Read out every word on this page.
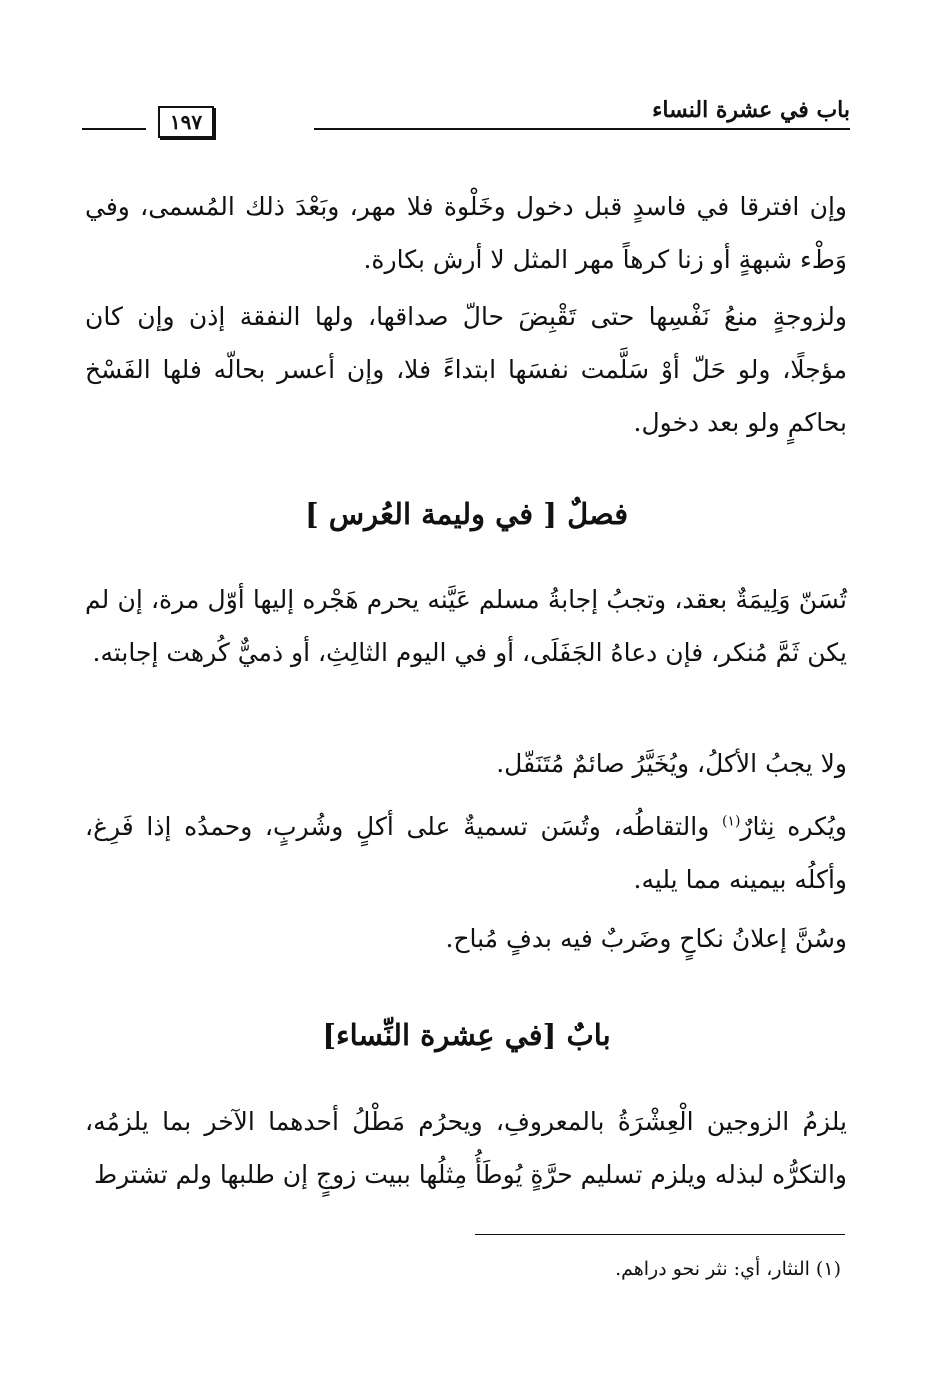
باب في عشرة النساء
١٩٧
وإن افترقا في فاسدٍ قبل دخول وخَلْوة فلا مهر، وبَعْدَ ذلك المُسمى، وفي وَطْء شبهةٍ أو زنا كرهاً مهر المثل لا أرش بكارة.
ولزوجةٍ منعُ نَفْسِها حتى تَقْبِضَ حالّ صداقها، ولها النفقة إذن وإن كان مؤجلًا، ولو حَلّ أوْ سَلَّمت نفسَها ابتداءً فلا، وإن أعسر بحالّه فلها الفَسْخ بحاكمٍ ولو بعد دخول.
فصلٌ [ في وليمة العُرس ]
تُسَنّ وَلِيمَةٌ بعقد، وتجبُ إجابةُ مسلم عَيَّنه يحرم هَجْره إليها أوّل مرة، إن لم يكن ثَمَّ مُنكر، فإن دعاهُ الجَفَلَى، أو في اليوم الثالِثِ، أو ذميٌّ كُرهت إجابته.
ولا يجبُ الأكلُ، ويُخَيَّرُ صائمٌ مُتَنَفّل.
ويُكره نِثارٌ$^{(١)}$ والتقاطُه، وتُسَن تسميةٌ على أكلٍ وشُربٍ، وحمدُه إذا فَرِغ، وأكلُه بيمينه مما يليه.
وسُنَّ إعلانُ نكاحٍ وضَربٌ فيه بدفٍ مُباح.
بابٌ [في عِشرة النِّساء]
يلزمُ الزوجين الْعِشْرَةُ بالمعروفِ، ويحرُم مَطْلُ أحدهما الآخر بما يلزمُه، والتكرُّه لبذله ويلزم تسليم حرَّةٍ يُوطَأُ مِثلُها ببيت زوجٍ إن طلبها ولم تشترط
(١) النثار، أي: نثر نحو دراهم.
